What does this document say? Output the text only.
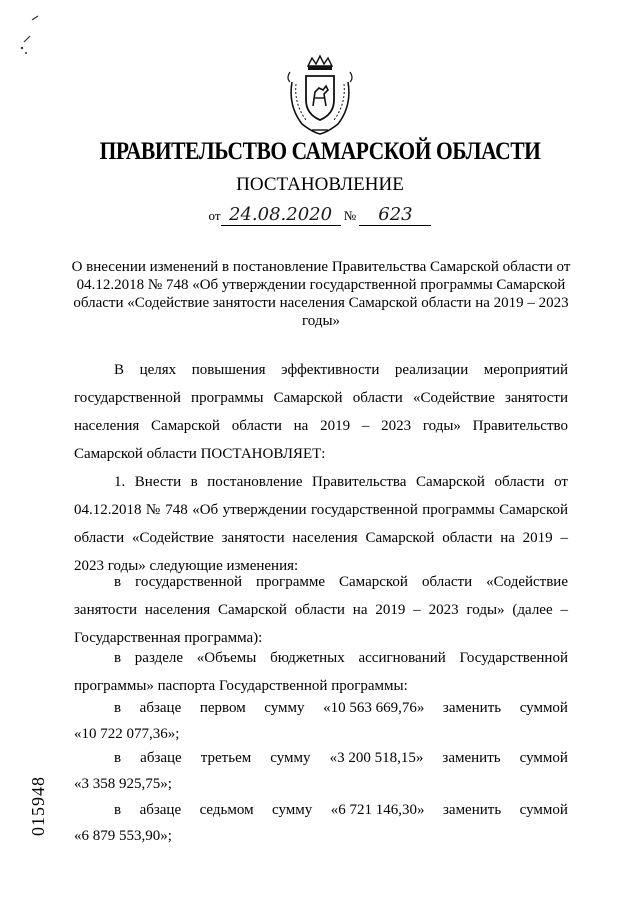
ПРАВИТЕЛЬСТВО САМАРСКОЙ ОБЛАСТИ
ПОСТАНОВЛЕНИЕ
от 24.08.2020 № 623
О внесении изменений в постановление Правительства Самарской области от 04.12.2018 № 748 «Об утверждении государственной программы Самарской области «Содействие занятости населения Самарской области на 2019 – 2023 годы»
В целях повышения эффективности реализации мероприятий государственной программы Самарской области «Содействие занятости населения Самарской области на 2019 – 2023 годы» Правительство Самарской области ПОСТАНОВЛЯЕТ:
1. Внести в постановление Правительства Самарской области от 04.12.2018 № 748 «Об утверждении государственной программы Самарской области «Содействие занятости населения Самарской области на 2019 – 2023 годы» следующие изменения:
в государственной программе Самарской области «Содействие занятости населения Самарской области на 2019 – 2023 годы» (далее – Государственная программа):
в разделе «Объемы бюджетных ассигнований Государственной программы» паспорта Государственной программы:
в абзаце первом сумму «10 563 669,76» заменить суммой
«10 722 077,36»;
в абзаце третьем сумму «3 200 518,15» заменить суммой
«3 358 925,75»;
в абзаце седьмом сумму «6 721 146,30» заменить суммой
«6 879 553,90»;
015948
